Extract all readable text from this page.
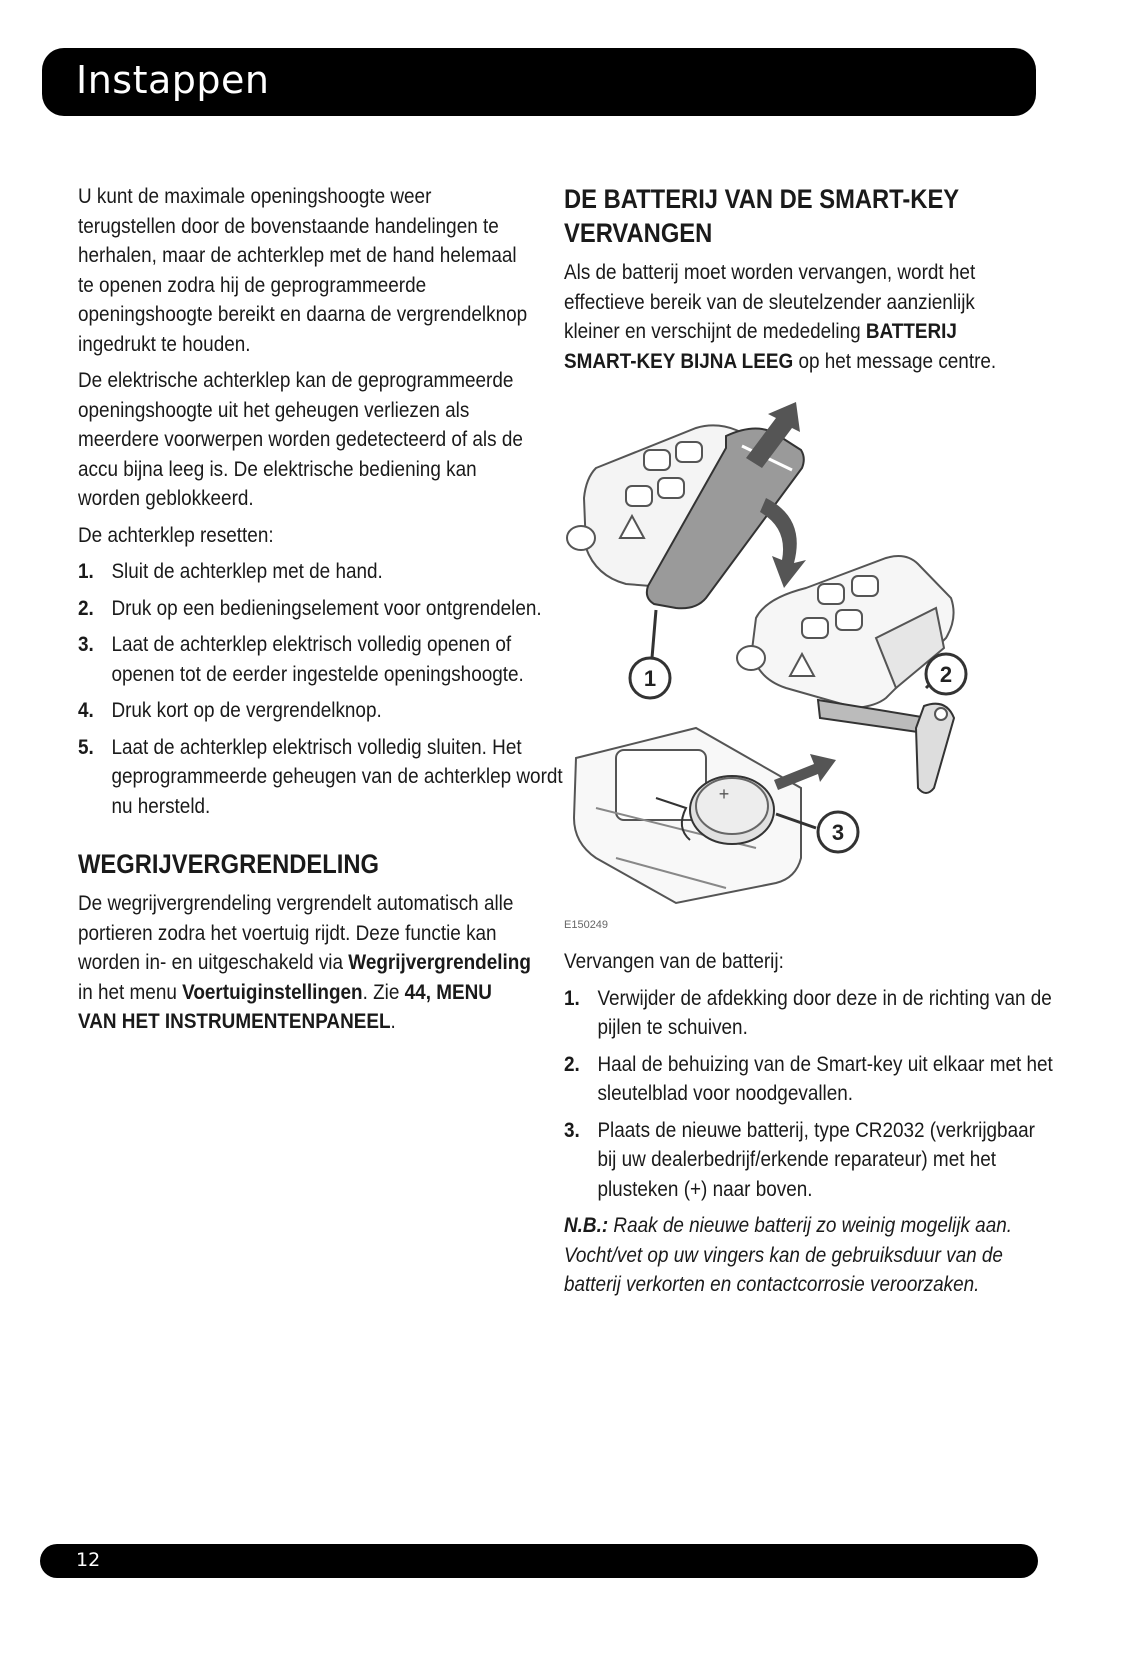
Instappen

U kunt de maximale openingshoogte weer terugstellen door de bovenstaande handelingen te herhalen, maar de achterklep met de hand helemaal te openen zodra hij de geprogrammeerde openingshoogte bereikt en daarna de vergrendelknop ingedrukt te houden.

De elektrische achterklep kan de geprogrammeerde openingshoogte uit het geheugen verliezen als meerdere voorwerpen worden gedetecteerd of als de accu bijna leeg is. De elektrische bediening kan worden geblokkeerd.

De achterklep resetten:

1. Sluit de achterklep met de hand.
2. Druk op een bedieningselement voor ontgrendelen.
3. Laat de achterklep elektrisch volledig openen of openen tot de eerder ingestelde openingshoogte.
4. Druk kort op de vergrendelknop.
5. Laat de achterklep elektrisch volledig sluiten. Het geprogrammeerde geheugen van de achterklep wordt nu hersteld.
WEGRIJVERGRENDELING

De wegrijvergrendeling vergrendelt automatisch alle portieren zodra het voertuig rijdt. Deze functie kan worden in- en uitgeschakeld via Wegrijvergrendeling in het menu Voertuiginstellingen. Zie 44, MENU VAN HET INSTRUMENTENPANEEL.

DE BATTERIJ VAN DE SMART-KEY VERVANGEN

Als de batterij moet worden vervangen, wordt het effectieve bereik van de sleutelzender aanzienlijk kleiner en verschijnt de mededeling BATTERIJ SMART-KEY BIJNA LEEG op het message centre.

1	2
3
+
E150249

Vervangen van de batterij:

1. Verwijder de afdekking door deze in de richting van de pijlen te schuiven.
2. Haal de behuizing van de Smart-key uit elkaar met het sleutelblad voor noodgevallen.
3. Plaats de nieuwe batterij, type CR2032 (verkrijgbaar bij uw dealerbedrijf/erkende reparateur) met het plusteken (+) naar boven.

N.B.: Raak de nieuwe batterij zo weinig mogelijk aan. Vocht/vet op uw vingers kan de gebruiksduur van de batterij verkorten en contactcorrosie veroorzaken.

12
